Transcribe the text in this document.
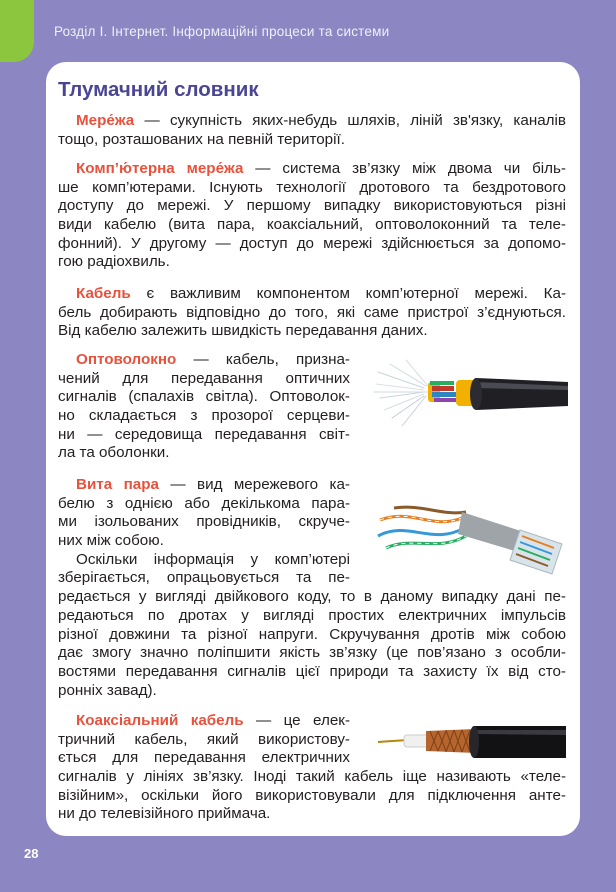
Розділ І. Інтернет. Інформаційні процеси та системи
Тлумачний словник
Мере́жа — сукупність яких-небудь шляхів, ліній зв'язку, каналів
тощо, розташованих на певній території.
Комп’ю́терна мере́жа — система зв’язку між двома чи біль-
ше комп’ютерами. Існують технології дротового та бездротового
доступу до мережі. У першому випадку використовуються різні
види кабелю (вита пара, коаксіальний, оптоволоконний та теле-
фонний). У другому — доступ до мережі здійснюється за допомо-
гою радіохвиль.
Кабель є важливим компонентом комп’ютерної мережі. Ка-
бель добирають відповідно до того, які саме пристрої з’єднуються.
Від кабелю залежить швидкість передавання даних.
Оптоволокно — кабель, призна-
чений для передавання оптичних
сигналів (спалахів світла). Оптоволок-
но складається з прозорої серцеви-
ни — середовища передавання світ-
ла та оболонки.
Вита пара — вид мережевого ка-
белю з однією або декількома пара-
ми ізольованих провідників, скруче-
них між собою.
Оскільки інформація у комп’ютері
зберігається, опрацьовується та пе-
редається у вигляді двійкового коду, то в даному випадку дані пе-
редаються по дротах у вигляді простих електричних імпульсів
різної довжини та різної напруги. Скручування дротів між собою
дає змогу значно поліпшити якість зв’язку (це пов’язано з особли-
востями передавання сигналів цієї природи та захисту їх від сто-
ронніх завад).
Коаксіальний кабель — це елек-
тричний кабель, який використову-
ється для передавання електричних
сигналів у лініях зв’язку. Іноді такий кабель іще називають «теле-
візійним», оскільки його використовували для підключення анте-
ни до телевізійного приймача.
28
